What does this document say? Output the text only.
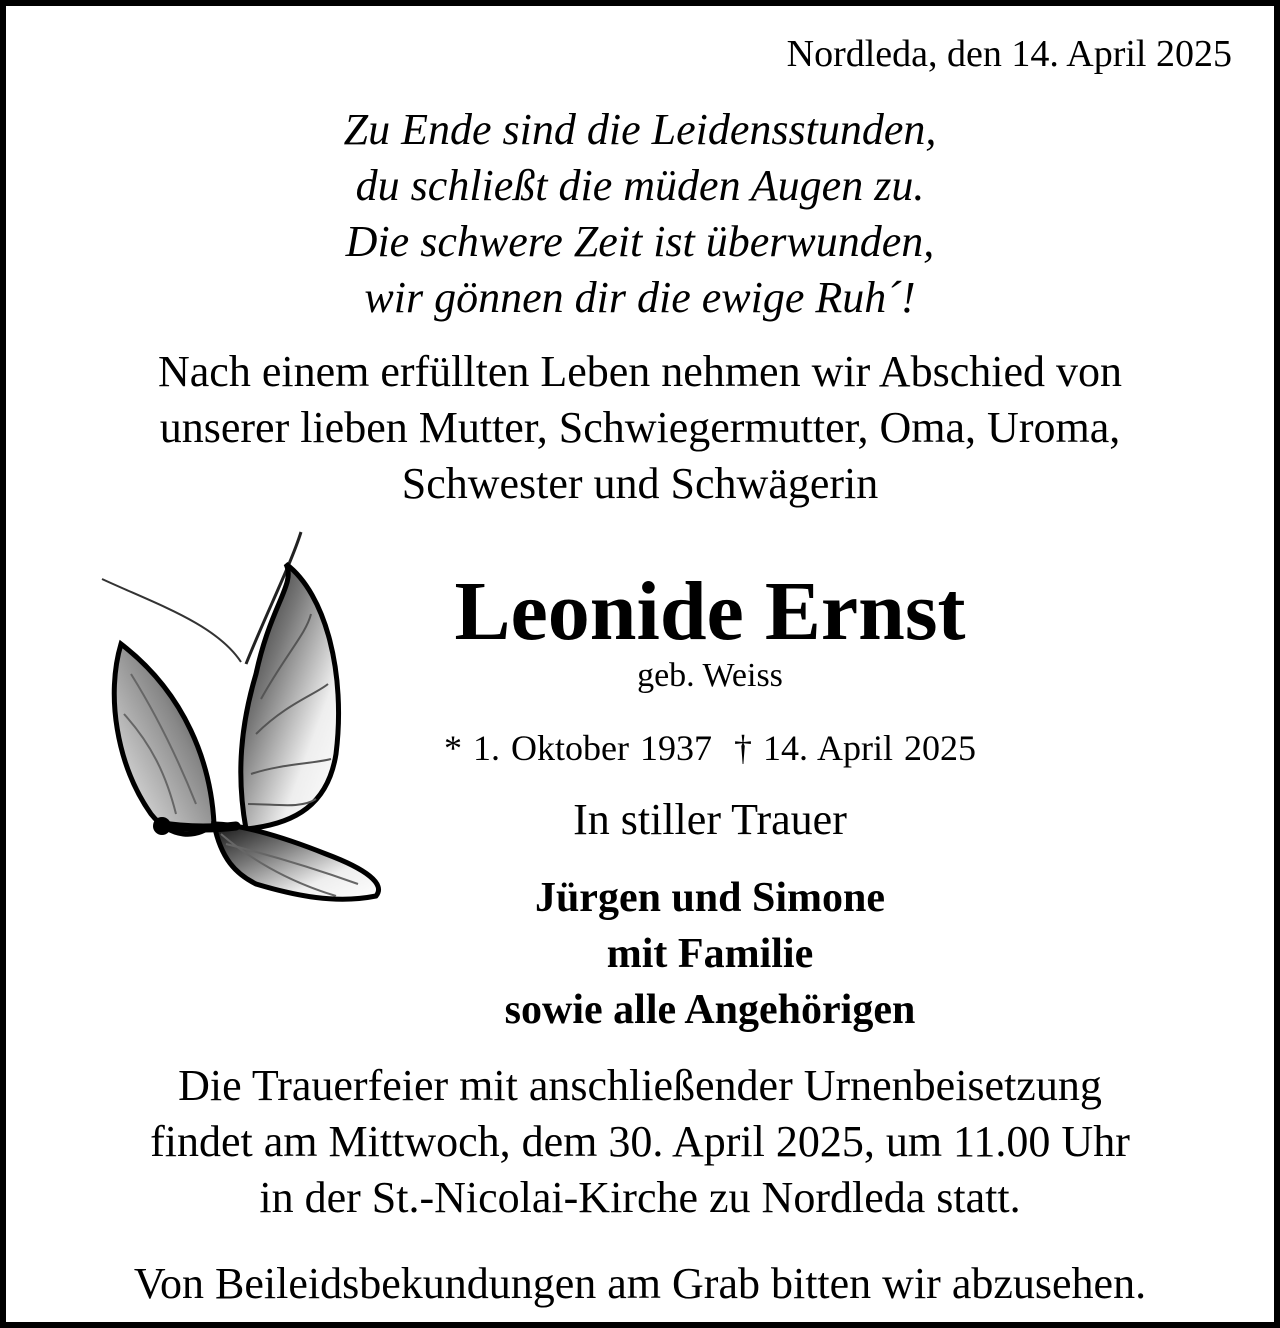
Nordleda, den 14. April 2025
Zu Ende sind die Leidensstunden,
du schließt die müden Augen zu.
Die schwere Zeit ist überwunden,
wir gönnen dir die ewige Ruh´!
Nach einem erfüllten Leben nehmen wir Abschied von
unserer lieben Mutter, Schwiegermutter, Oma, Uroma,
Schwester und Schwägerin
Leonide Ernst
geb. Weiss
* 1. Oktober 1937 † 14. April 2025
In stiller Trauer
Jürgen und Simone
mit Familie
sowie alle Angehörigen
Die Trauerfeier mit anschließender Urnenbeisetzung
findet am Mittwoch, dem 30. April 2025, um 11.00 Uhr
in der St.-Nicolai-Kirche zu Nordleda statt.
Von Beileidsbekundungen am Grab bitten wir abzusehen.
